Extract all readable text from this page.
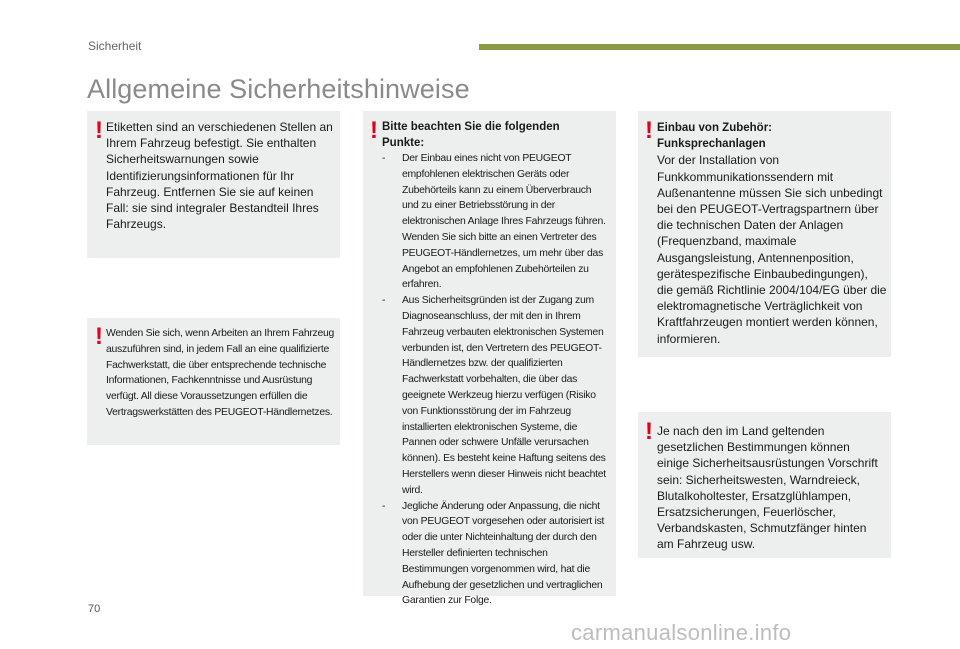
Sicherheit
Allgemeine Sicherheitshinweise
! Etiketten sind an verschiedenen Stellen an Ihrem Fahrzeug befestigt. Sie enthalten Sicherheitswarnungen sowie Identifizierungsinformationen für Ihr Fahrzeug. Entfernen Sie sie auf keinen Fall: sie sind integraler Bestandteil Ihres Fahrzeugs.

! Wenden Sie sich, wenn Arbeiten an Ihrem Fahrzeug auszuführen sind, in jedem Fall an eine qualifizierte Fachwerkstatt, die über entsprechende technische Informationen, Fachkenntnisse und Ausrüstung verfügt. All diese Voraussetzungen erfüllen die Vertragswerkstätten des PEUGEOT-Händlernetzes.

! Bitte beachten Sie die folgenden Punkte:

- Der Einbau eines nicht von PEUGEOT empfohlenen elektrischen Geräts oder Zubehörteils kann zu einem Überverbrauch und zu einer Betriebsstörung in der elektronischen Anlage Ihres Fahrzeugs führen. Wenden Sie sich bitte an einen Vertreter des PEUGEOT-Händlernetzes, um mehr über das Angebot an empfohlenen Zubehörteilen zu erfahren.
- Aus Sicherheitsgründen ist der Zugang zum Diagnoseanschluss, der mit den in Ihrem Fahrzeug verbauten elektronischen Systemen verbunden ist, den Vertretern des PEUGEOT-Händlernetzes bzw. der qualifizierten Fachwerkstatt vorbehalten, die über das geeignete Werkzeug hierzu verfügen (Risiko von Funktionsstörung der im Fahrzeug installierten elektronischen Systeme, die Pannen oder schwere Unfälle verursachen können). Es besteht keine Haftung seitens des Herstellers wenn dieser Hinweis nicht beachtet wird.
- Jegliche Änderung oder Anpassung, die nicht von PEUGEOT vorgesehen oder autorisiert ist oder die unter Nichteinhaltung der durch den Hersteller definierten technischen Bestimmungen vorgenommen wird, hat die Aufhebung der gesetzlichen und vertraglichen Garantien zur Folge.
! Einbau von Zubehör:

Funksprechanlagen

Vor der Installation von Funkkommunikationssendern mit Außenantenne müssen Sie sich unbedingt bei den PEUGEOT-Vertragspartnern über die technischen Daten der Anlagen (Frequenzband, maximale Ausgangsleistung, Antennenposition, gerätespezifische Einbaubedingungen), die gemäß Richtlinie 2004/104/EG über die elektromagnetische Verträglichkeit von Kraftfahrzeugen montiert werden können, informieren.

! Je nach den im Land geltenden gesetzlichen Bestimmungen können einige Sicherheitsausrüstungen Vorschrift sein: Sicherheitswesten, Warndreieck, Blutalkoholtester, Ersatzglühlampen, Ersatzsicherungen, Feuerlöscher, Verbandskasten, Schmutzfänger hinten am Fahrzeug usw.

70
carmanualsonline.info
